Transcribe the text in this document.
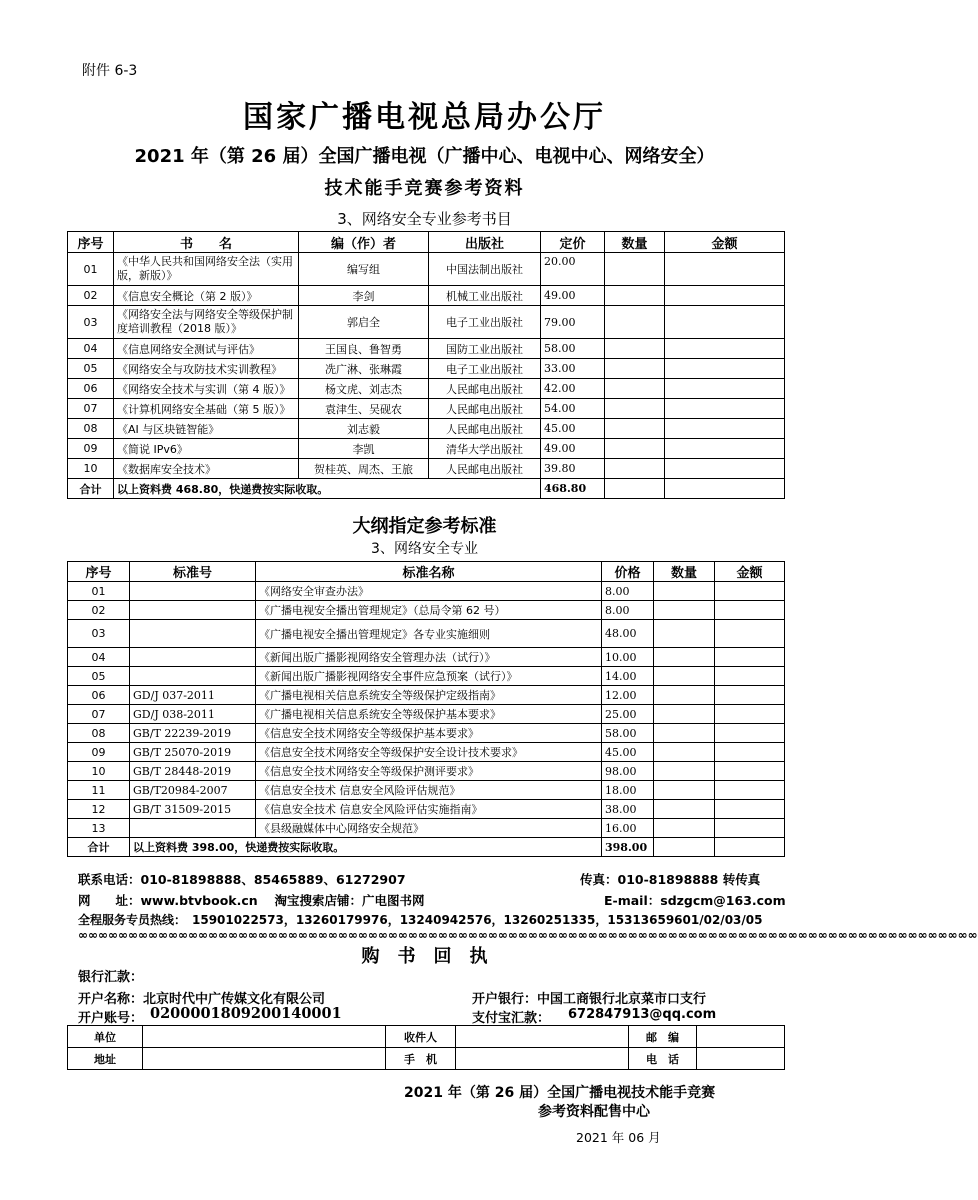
附件 6-3
国家广播电视总局办公厅
2021 年（第 26 届）全国广播电视（广播中心、电视中心、网络安全）
技术能手竞赛参考资料
3、网络安全专业参考书目
序号	书　　名	编（作）者	出版社	定价	数量	金额
01	《中华人民共和国网络安全法（实用版，新版）》	编写组	中国法制出版社	20.00		
02	《信息安全概论（第 2 版）》	李剑	机械工业出版社	49.00		
03	《网络安全法与网络安全等级保护制度培训教程（2018 版）》	郭启全	电子工业出版社	79.00		
04	《信息网络安全测试与评估》	王国良、鲁智勇	国防工业出版社	58.00		
05	《网络安全与攻防技术实训教程》	冼广淋、张琳霞	电子工业出版社	33.00		
06	《网络安全技术与实训（第 4 版）》	杨文虎、刘志杰	人民邮电出版社	42.00		
07	《计算机网络安全基础（第 5 版）》	袁津生、吴砚农	人民邮电出版社	54.00		
08	《AI 与区块链智能》	刘志毅	人民邮电出版社	45.00		
09	《简说 IPv6》	李凯	清华大学出版社	49.00		
10	《数据库安全技术》	贺桂英、周杰、王旅	人民邮电出版社	39.80		
合计	以上资料费 468.80，快递费按实际收取。			468.80		
大纲指定参考标准
3、网络安全专业
序号	标准号	标准名称	价格	数量	金额
01		《网络安全审查办法》	8.00		
02		《广播电视安全播出管理规定》（总局令第 62 号）	8.00		
03		《广播电视安全播出管理规定》各专业实施细则	48.00		
04		《新闻出版广播影视网络安全管理办法（试行）》	10.00		
05		《新闻出版广播影视网络安全事件应急预案（试行）》	14.00		
06	GD/J 037-2011	《广播电视相关信息系统安全等级保护定级指南》	12.00		
07	GD/J 038-2011	《广播电视相关信息系统安全等级保护基本要求》	25.00		
08	GB/T 22239-2019	《信息安全技术网络安全等级保护基本要求》	58.00		
09	GB/T 25070-2019	《信息安全技术网络安全等级保护安全设计技术要求》	45.00		
10	GB/T 28448-2019	《信息安全技术网络安全等级保护测评要求》	98.00		
11	GB/T20984-2007	《信息安全技术 信息安全风险评估规范》	18.00		
12	GB/T 31509-2015	《信息安全技术 信息安全风险评估实施指南》	38.00		
13		《县级融媒体中心网络安全规范》	16.00		
合计	以上资料费 398.00，快递费按实际收取。		398.00		
联系电话：010-81898888、85465889、61272907	传真：010-81898888 转传真
网　　址：www.btvbook.cn　 淘宝搜索店铺：广电图书网	E-mail：sdzgcm@163.com
全程服务专员热线：　15901022573，13260179976，13240942576，13260251335，15313659601/02/03/05
∞∞∞∞∞∞∞∞∞∞∞∞∞∞∞∞∞∞∞∞∞∞∞∞∞∞∞∞∞∞∞∞∞∞∞∞∞∞∞∞∞∞∞∞∞∞∞∞∞∞∞∞∞∞∞∞∞∞∞∞∞∞∞∞∞∞∞∞∞∞∞∞∞∞∞∞∞∞∞∞∞∞∞∞∞∞∞∞∞∞
购　书　回　执
银行汇款：
开户名称：北京时代中广传媒文化有限公司	开户银行：中国工商银行北京菜市口支行
开户账号： 0200001809200140001	支付宝汇款： 672847913@qq.com
单位		收件人		邮　编	
地址		手　机		电　话	
2021 年（第 26 届）全国广播电视技术能手竞赛
参考资料配售中心
2021 年 06 月
